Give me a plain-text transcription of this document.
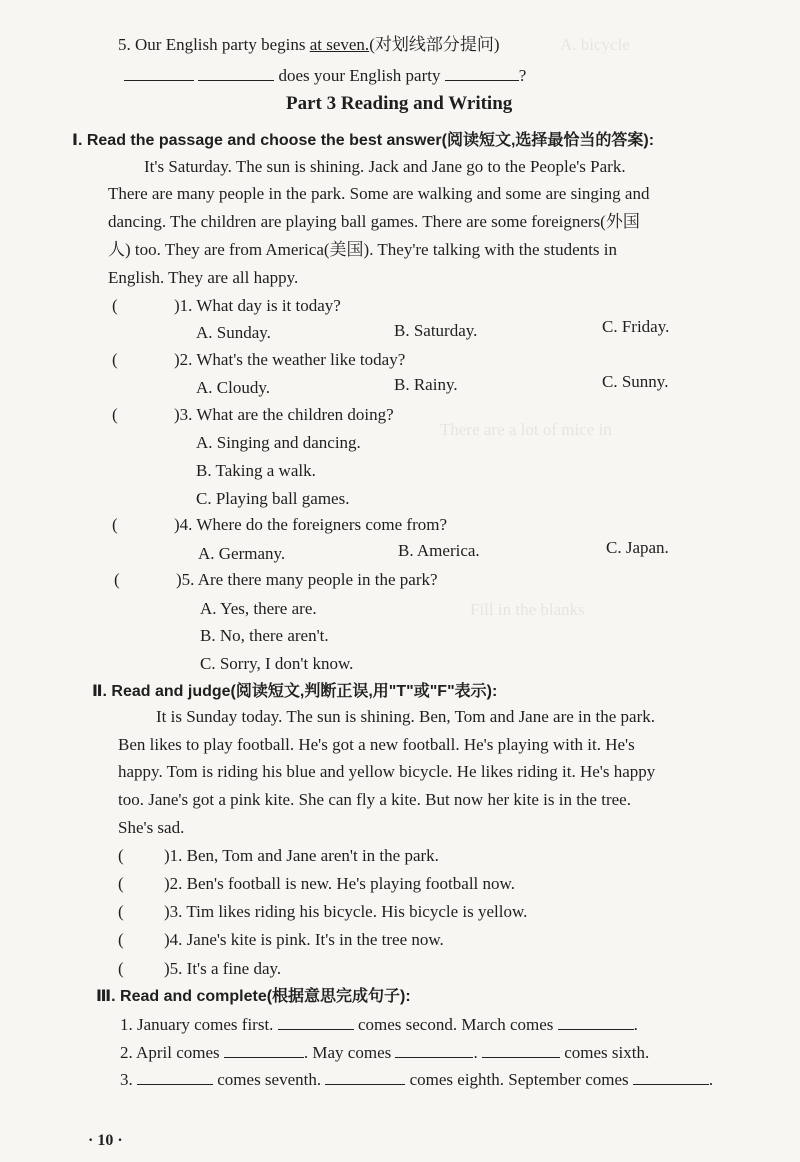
A. bicycle
There are a lot of mice in
Fill in the blanks
5. Our English party begins at seven.(对划线部分提问)
does your English party	?
Part 3 Reading and Writing
Ⅰ. Read the passage and choose the best answer(阅读短文,选择最恰当的答案):
It's Saturday. The sun is shining. Jack and Jane go to the People's Park.
There are many people in the park. Some are walking and some are singing and
dancing. The children are playing ball games. There are some foreigners(外国
人) too. They are from America(美国). They're talking with the students in
English. They are all happy.
(	)1. What day is it today?
A. Sunday.	B. Saturday.	C. Friday.
(	)2. What's the weather like today?
A. Cloudy.	B. Rainy.	C. Sunny.
(	)3. What are the children doing?
A. Singing and dancing.
B. Taking a walk.
C. Playing ball games.
(	)4. Where do the foreigners come from?
A. Germany.	B. America.	C. Japan.
(	)5. Are there many people in the park?
A. Yes, there are.
B. No, there aren't.
C. Sorry, I don't know.
Ⅱ. Read and judge(阅读短文,判断正误,用"T"或"F"表示):
It is Sunday today. The sun is shining. Ben, Tom and Jane are in the park.
Ben likes to play football. He's got a new football. He's playing with it. He's
happy. Tom is riding his blue and yellow bicycle. He likes riding it. He's happy
too. Jane's got a pink kite. She can fly a kite. But now her kite is in the tree.
She's sad.
( )1. Ben, Tom and Jane aren't in the park.
( )2. Ben's football is new. He's playing football now.
( )3. Tim likes riding his bicycle. His bicycle is yellow.
( )4. Jane's kite is pink. It's in the tree now.
( )5. It's a fine day.
Ⅲ. Read and complete(根据意思完成句子):
1. January comes first.	comes second. March comes	.
2. April comes	. May comes	.	comes sixth.
3.	comes seventh.	comes eighth. September comes	.
· 10 ·
